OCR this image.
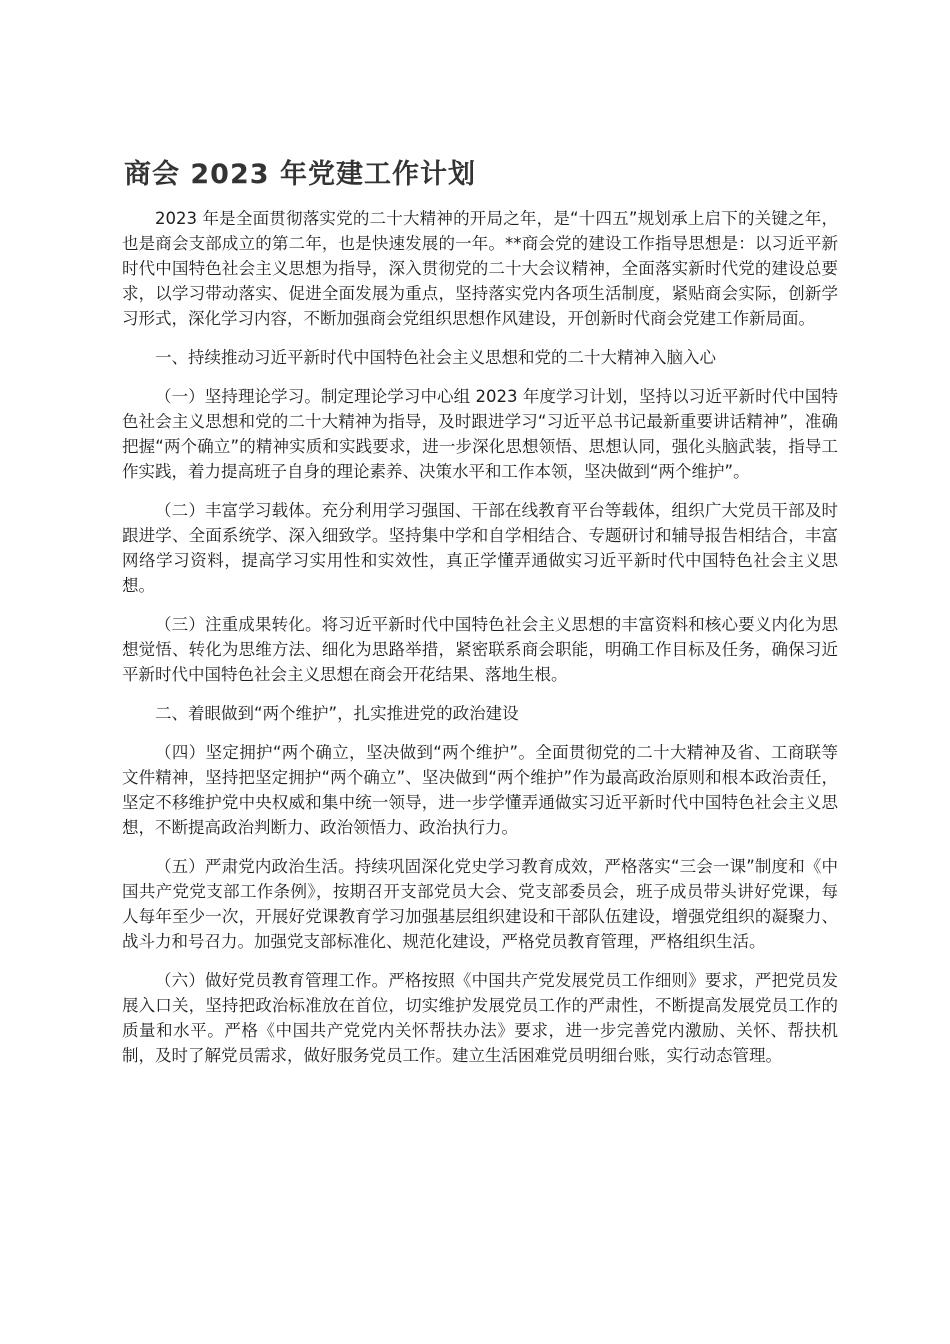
商会 2023 年党建工作计划

2023 年是全面贯彻落实党的二十大精神的开局之年，是“十四五”规划承上启下的关键之年，也是商会支部成立的第二年，也是快速发展的一年。**商会党的建设工作指导思想是：以习近平新时代中国特色社会主义思想为指导，深入贯彻党的二十大会议精神，全面落实新时代党的建设总要求，以学习带动落实、促进全面发展为重点，坚持落实党内各项生活制度，紧贴商会实际，创新学习形式，深化学习内容，不断加强商会党组织思想作风建设，开创新时代商会党建工作新局面。

一、持续推动习近平新时代中国特色社会主义思想和党的二十大精神入脑入心

（一）坚持理论学习。制定理论学习中心组 2023 年度学习计划，坚持以习近平新时代中国特色社会主义思想和党的二十大精神为指导，及时跟进学习“习近平总书记最新重要讲话精神”，准确把握“两个确立”的精神实质和实践要求，进一步深化思想领悟、思想认同，强化头脑武装，指导工作实践，着力提高班子自身的理论素养、决策水平和工作本领，坚决做到“两个维护”。

（二）丰富学习载体。充分利用学习强国、干部在线教育平台等载体，组织广大党员干部及时跟进学、全面系统学、深入细致学。坚持集中学和自学相结合、专题研讨和辅导报告相结合，丰富网络学习资料，提高学习实用性和实效性，真正学懂弄通做实习近平新时代中国特色社会主义思想。

（三）注重成果转化。将习近平新时代中国特色社会主义思想的丰富资料和核心要义内化为思想觉悟、转化为思维方法、细化为思路举措，紧密联系商会职能，明确工作目标及任务，确保习近平新时代中国特色社会主义思想在商会开花结果、落地生根。

二、着眼做到“两个维护”，扎实推进党的政治建设

（四）坚定拥护“两个确立，坚决做到“两个维护”。全面贯彻党的二十大精神及省、工商联等文件精神，坚持把坚定拥护“两个确立”、坚决做到“两个维护”作为最高政治原则和根本政治责任，坚定不移维护党中央权威和集中统一领导，进一步学懂弄通做实习近平新时代中国特色社会主义思想，不断提高政治判断力、政治领悟力、政治执行力。

（五）严肃党内政治生活。持续巩固深化党史学习教育成效，严格落实“三会一课”制度和《中国共产党党支部工作条例》，按期召开支部党员大会、党支部委员会，班子成员带头讲好党课，每人每年至少一次，开展好党课教育学习加强基层组织建设和干部队伍建设，增强党组织的凝聚力、战斗力和号召力。加强党支部标准化、规范化建设，严格党员教育管理，严格组织生活。

（六）做好党员教育管理工作。严格按照《中国共产党发展党员工作细则》要求，严把党员发展入口关，坚持把政治标准放在首位，切实维护发展党员工作的严肃性，不断提高发展党员工作的质量和水平。严格《中国共产党党内关怀帮扶办法》要求，进一步完善党内激励、关怀、帮扶机制，及时了解党员需求，做好服务党员工作。建立生活困难党员明细台账，实行动态管理。
